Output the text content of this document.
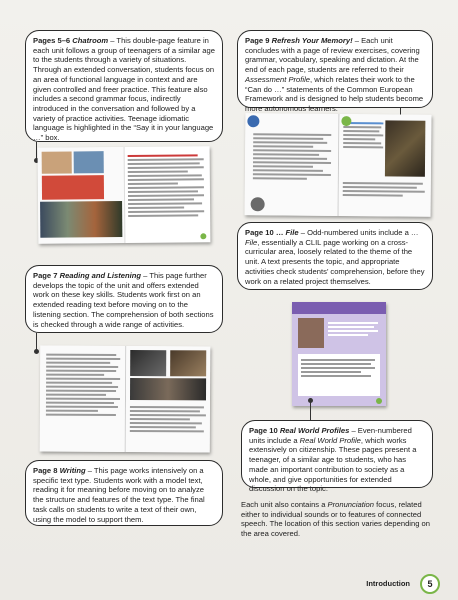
Pages 5–6 Chatroom – This double-page feature in each unit follows a group of teenagers of a similar age to the students through a variety of situations. Through an extended conversation, students focus on an area of functional language in context and are given controlled and freer practice. This feature also includes a second grammar focus, indirectly introduced in the conversation and followed by a variety of practice activities. Teenage idiomatic language is highlighted in the “Say it in your language …” box.
Page 9 Refresh Your Memory! – Each unit concludes with a page of review exercises, covering grammar, vocabulary, speaking and dictation. At the end of each page, students are referred to their Assessment Profile, which relates their work to the “Can do …” statements of the Common European Framework and is designed to help students become more autonomous learners.
Page 10 … File – Odd-numbered units include a … File, essentially a CLIL page working on a cross-curricular area, loosely related to the theme of the unit. A text presents the topic, and appropriate activities check students’ comprehension, before they work on a related project themselves.
Page 7 Reading and Listening – This page further develops the topic of the unit and offers extended work on these key skills. Students work first on an extended reading text before moving on to the listening section. The comprehension of both sections is checked through a wide range of activities.
Page 10 Real World Profiles – Even-numbered units include a Real World Profile, which works extensively on citizenship. These pages present a teenager, of a similar age to students, who has made an important contribution to society as a whole, and give opportunities for extended discussion on the topic.
Page 8 Writing – This page works intensively on a specific text type. Students work with a model text, reading it for meaning before moving on to analyze the structure and features of the text type. The final task calls on students to write a text of their own, using the model to support them.
Each unit also contains a Pronunciation focus, related either to individual sounds or to features of connected speech. The location of this section varies depending on the area covered.
Introduction	5
